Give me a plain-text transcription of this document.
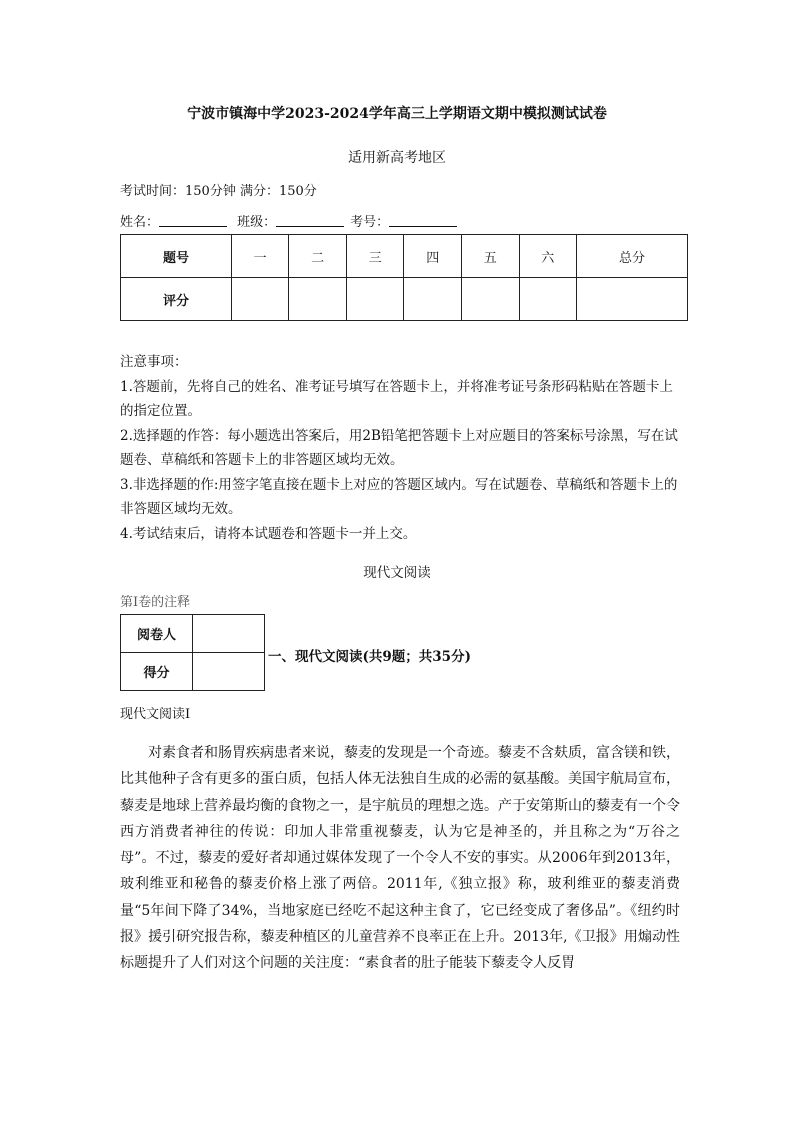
宁波市镇海中学2023-2024学年高三上学期语文期中模拟测试试卷
适用新高考地区
考试时间：150分钟 满分：150分
姓名：	班级：	考号：
题号	一	二	三	四	五	六	总分
评分							

注意事项：

1.答题前，先将自己的姓名、准考证号填写在答题卡上，并将准考证号条形码粘贴在答题卡上的指定位置。

2.选择题的作答：每小题选出答案后，用2B铅笔把答题卡上对应题目的答案标号涂黑，写在试题卷、草稿纸和答题卡上的非答题区域均无效。

3.非选择题的作:用签字笔直接在题卡上对应的答题区域内。写在试题卷、草稿纸和答题卡上的非答题区域均无效。

4.考试结束后，请将本试题卷和答题卡一并上交。

现代文阅读
第Ⅰ卷的注释
阅卷人	
得分	
一、现代文阅读(共9题；共35分)
现代文阅读Ⅰ

对素食者和肠胃疾病患者来说，藜麦的发现是一个奇迹。藜麦不含麸质，富含镁和铁，比其他种子含有更多的蛋白质，包括人体无法独自生成的必需的氨基酸。美国宇航局宣布，藜麦是地球上营养最均衡的食物之一，是宇航员的理想之选。产于安第斯山的藜麦有一个令西方消费者神往的传说：印加人非常重视藜麦，认为它是神圣的，并且称之为“万谷之母”。不过，藜麦的爱好者却通过媒体发现了一个令人不安的事实。从2006年到2013年，玻利维亚和秘鲁的藜麦价格上涨了两倍。2011年,《独立报》称，玻利维亚的藜麦消费量“5年间下降了34%，当地家庭已经吃不起这种主食了，它已经变成了奢侈品”。《纽约时报》援引研究报告称，藜麦种植区的儿童营养不良率正在上升。2013年,《卫报》用煽动性标题提升了人们对这个问题的关注度：“素食者的肚子能装下藜麦令人反胃
